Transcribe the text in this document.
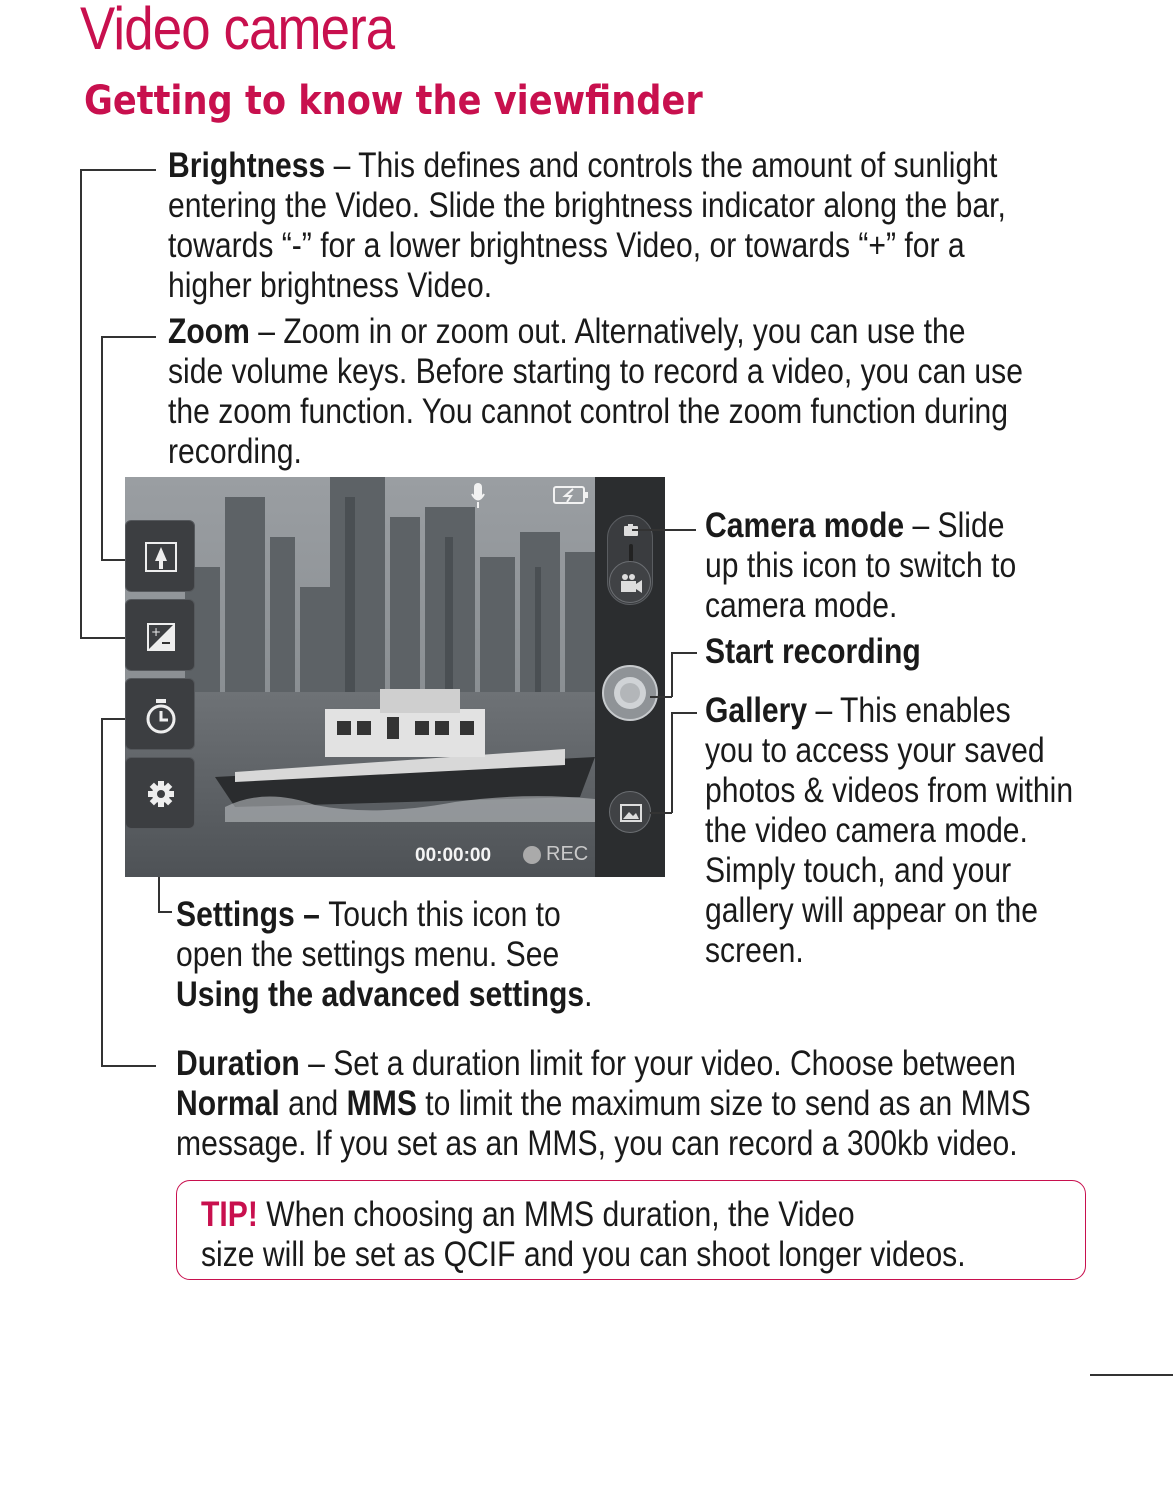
Video camera
Getting to know the viewfinder
Brightness – This defines and controls the amount of sunlight
entering the Video. Slide the brightness indicator along the bar,
towards “-” for a lower brightness Video, or towards “+” for a
higher brightness Video.
Zoom – Zoom in or zoom out. Alternatively, you can use the
side volume keys. Before starting to record a video, you can use
the zoom function. You cannot control the zoom function during
recording.
+
00:00:00	REC
Camera mode – Slide
up this icon to switch to
camera mode.
Start recording
Gallery – This enables
you to access your saved
photos & videos from within
the video camera mode.
Simply touch, and your
gallery will appear on the
screen.
Settings – Touch this icon to
open the settings menu. See
Using the advanced settings.
Duration – Set a duration limit for your video. Choose between
Normal and MMS to limit the maximum size to send as an MMS
message. If you set as an MMS, you can record a 300kb video.
TIP! When choosing an MMS duration, the Video
size will be set as QCIF and you can shoot longer videos.
